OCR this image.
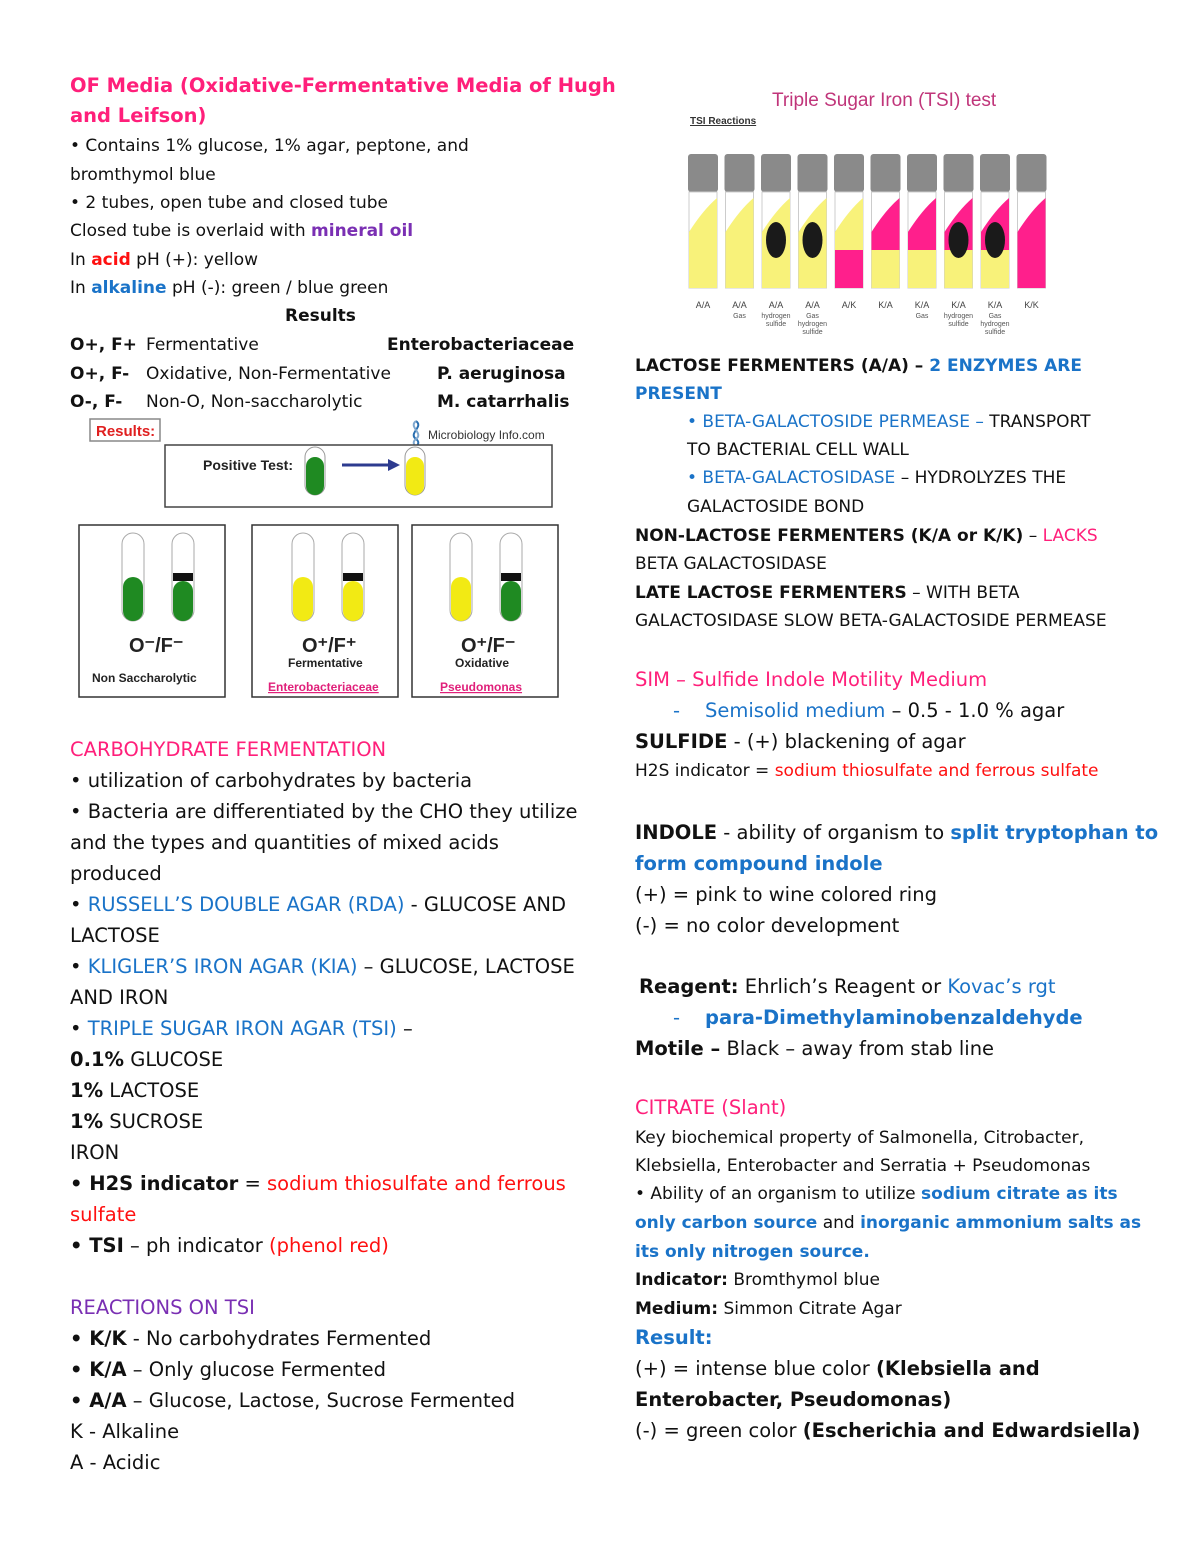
OF Media (Oxidative-Fermentative Media of Hugh
and Leifson)
• Contains 1% glucose, 1% agar, peptone, and
bromthymol blue
• 2 tubes, open tube and closed tube
Closed tube is overlaid with mineral oil
In acid pH (+): yellow
In alkaline pH (-): green / blue green
Results
O+, F+ Fermentative	Enterobacteriaceae
O+, F- Oxidative, Non-Fermentative	P. aeruginosa
O-, F- Non-O, Non-saccharolytic	M. catarrhalis
Results:	Microbiology Info.com
Positive Test:
O⁻/F⁻
Non Saccharolytic
O⁺/F⁺
Fermentative
Enterobacteriaceae
O⁺/F⁻
Oxidative
Pseudomonas
CARBOHYDRATE FERMENTATION
• utilization of carbohydrates by bacteria
• Bacteria are differentiated by the CHO they utilize
and the types and quantities of mixed acids
produced
• RUSSELL’S DOUBLE AGAR (RDA) - GLUCOSE AND
LACTOSE
• KLIGLER’S IRON AGAR (KIA) – GLUCOSE, LACTOSE
AND IRON
• TRIPLE SUGAR IRON AGAR (TSI) –
0.1% GLUCOSE
1% LACTOSE
1% SUCROSE
IRON
• H2S indicator = sodium thiosulfate and ferrous
sulfate
• TSI – ph indicator (phenol red)
REACTIONS ON TSI
• K/K - No carbohydrates Fermented
• K/A – Only glucose Fermented
• A/A – Glucose, Lactose, Sucrose Fermented
K - Alkaline
A - Acidic
Triple Sugar Iron (TSI) test
TSI Reactions
A/A A/A
Gas
A/A
hydrogen
sulfide
A/A
Gas
hydrogen
sulfide
A/K K/A K/A
Gas
K/A
hydrogen
sulfide
K/A
Gas
hydrogen
sulfide
K/K
LACTOSE FERMENTERS (A/A) – 2 ENZYMES ARE
PRESENT
• BETA-GALACTOSIDE PERMEASE – TRANSPORT
TO BACTERIAL CELL WALL
• BETA-GALACTOSIDASE – HYDROLYZES THE
GALACTOSIDE BOND
NON-LACTOSE FERMENTERS (K/A or K/K) – LACKS
BETA GALACTOSIDASE
LATE LACTOSE FERMENTERS – WITH BETA
GALACTOSIDASE SLOW BETA-GALACTOSIDE PERMEASE
SIM – Sulfide Indole Motility Medium
- Semisolid medium – 0.5 - 1.0 % agar
SULFIDE - (+) blackening of agar
H2S indicator = sodium thiosulfate and ferrous sulfate
INDOLE - ability of organism to split tryptophan to
form compound indole
(+) = pink to wine colored ring
(-) = no color development
Reagent: Ehrlich’s Reagent or Kovac’s rgt
- para-Dimethylaminobenzaldehyde
Motile – Black – away from stab line
CITRATE (Slant)
Key biochemical property of Salmonella, Citrobacter,
Klebsiella, Enterobacter and Serratia + Pseudomonas
• Ability of an organism to utilize sodium citrate as its
only carbon source and inorganic ammonium salts as
its only nitrogen source.
Indicator: Bromthymol blue
Medium: Simmon Citrate Agar
Result:
(+) = intense blue color (Klebsiella and
Enterobacter, Pseudomonas)
(-) = green color (Escherichia and Edwardsiella)
